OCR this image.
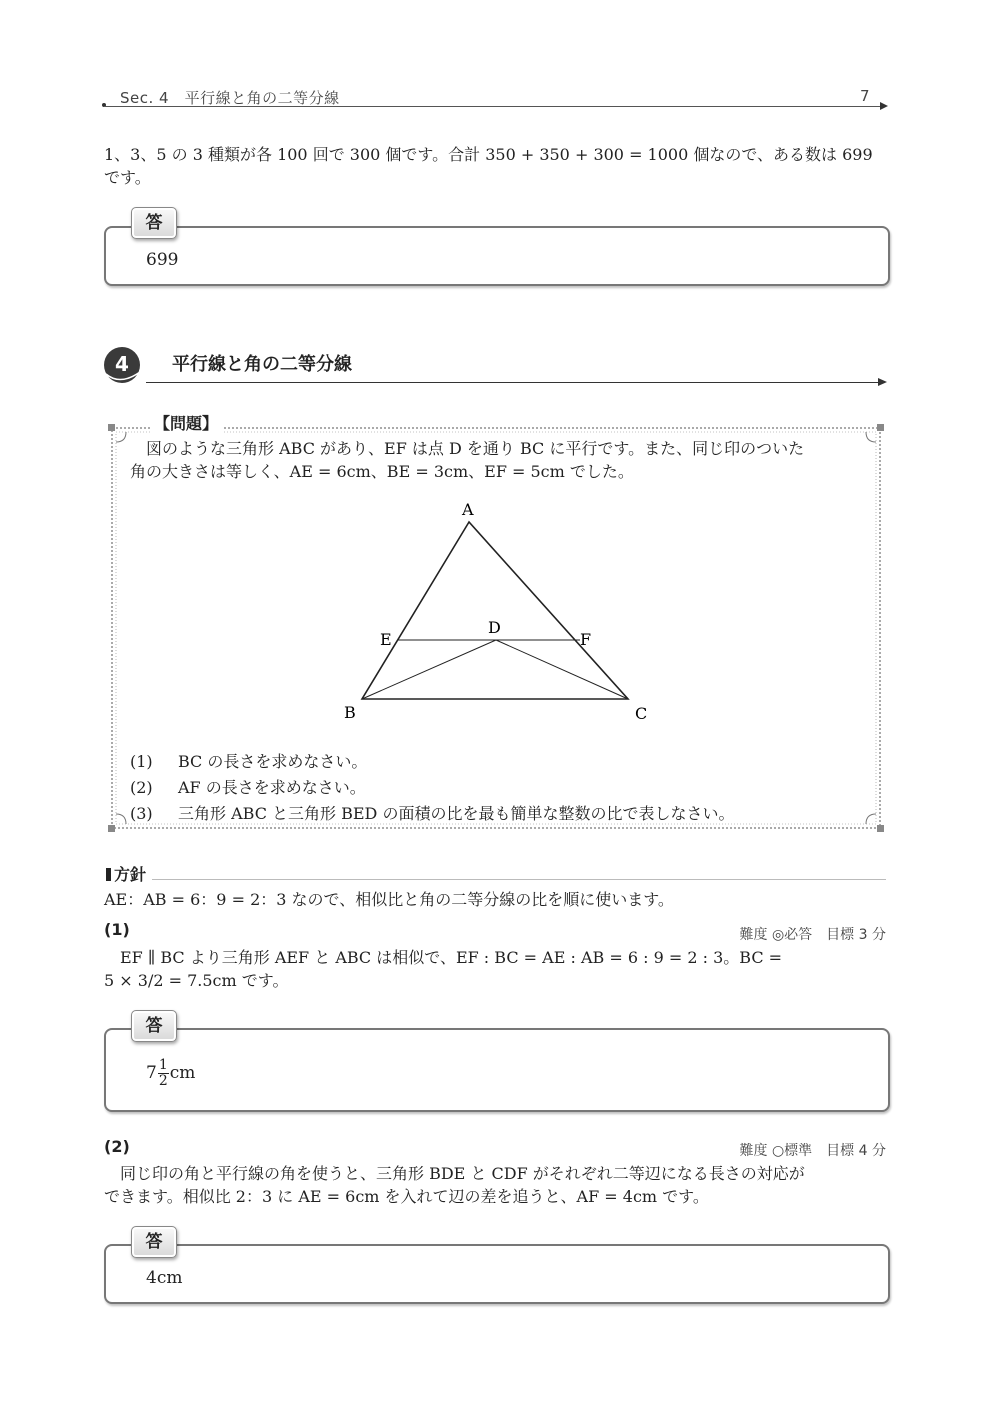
Sec. 4　平行線と角の二等分線	7
1、3、5 の 3 種類が各 100 回で 300 個です。合計 350 + 350 + 300 = 1000 個なので、ある数は 699
です。
答
699
4 平行線と角の二等分線
【問題】
図のような三角形 ABC があり、EF は点 D を通り BC に平行です。また、同じ印のついた
角の大きさは等しく、AE = 6cm、BE = 3cm、EF = 5cm でした。
A
B	C
D
E	F
(1) BC の長さを求めなさい。
(2) AF の長さを求めなさい。
(3) 三角形 ABC と三角形 BED の面積の比を最も簡単な整数の比で表しなさい。
方針
AE：AB = 6：9 = 2：3 なので、相似比と角の二等分線の比を順に使います。
(1)	難度 ◎必答　目標 3 分
EF ∥ BC より三角形 AEF と ABC は相似で、EF : BC = AE : AB = 6 : 9 = 2 : 3。BC =
5 × 3/2 = 7.5cm です。
答
$7 \frac{1}{2}$ cm
(2)	難度 ○標準　目標 4 分
同じ印の角と平行線の角を使うと、三角形 BDE と CDF がそれぞれ二等辺になる長さの対応が
できます。相似比 2：3 に AE = 6cm を入れて辺の差を追うと、AF = 4cm です。
答
4cm
